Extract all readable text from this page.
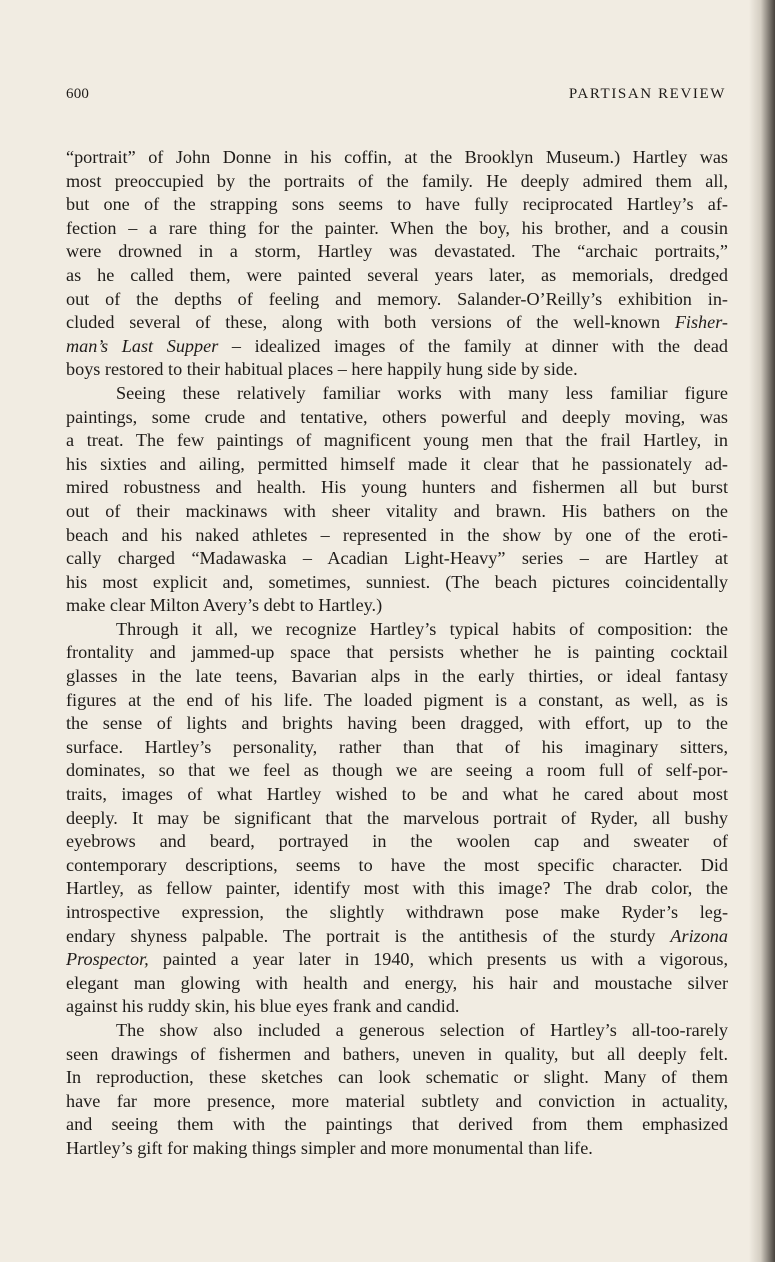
600	PARTISAN REVIEW
“portrait” of John Donne in his coffin, at the Brooklyn Museum.) Hartley was
most preoccupied by the portraits of the family. He deeply admired them all,
but one of the strapping sons seems to have fully reciprocated Hartley’s af-
fection – a rare thing for the painter. When the boy, his brother, and a cousin
were drowned in a storm, Hartley was devastated. The “archaic portraits,”
as he called them, were painted several years later, as memorials, dredged
out of the depths of feeling and memory. Salander-O’Reilly’s exhibition in-
cluded several of these, along with both versions of the well-known Fisher-
man’s Last Supper – idealized images of the family at dinner with the dead
boys restored to their habitual places – here happily hung side by side.
Seeing these relatively familiar works with many less familiar figure
paintings, some crude and tentative, others powerful and deeply moving, was
a treat. The few paintings of magnificent young men that the frail Hartley, in
his sixties and ailing, permitted himself made it clear that he passionately ad-
mired robustness and health. His young hunters and fishermen all but burst
out of their mackinaws with sheer vitality and brawn. His bathers on the
beach and his naked athletes – represented in the show by one of the eroti-
cally charged “Madawaska – Acadian Light-Heavy” series – are Hartley at
his most explicit and, sometimes, sunniest. (The beach pictures coincidentally
make clear Milton Avery’s debt to Hartley.)
Through it all, we recognize Hartley’s typical habits of composition: the
frontality and jammed-up space that persists whether he is painting cocktail
glasses in the late teens, Bavarian alps in the early thirties, or ideal fantasy
figures at the end of his life. The loaded pigment is a constant, as well, as is
the sense of lights and brights having been dragged, with effort, up to the
surface. Hartley’s personality, rather than that of his imaginary sitters,
dominates, so that we feel as though we are seeing a room full of self-por-
traits, images of what Hartley wished to be and what he cared about most
deeply. It may be significant that the marvelous portrait of Ryder, all bushy
eyebrows and beard, portrayed in the woolen cap and sweater of
contemporary descriptions, seems to have the most specific character. Did
Hartley, as fellow painter, identify most with this image? The drab color, the
introspective expression, the slightly withdrawn pose make Ryder’s leg-
endary shyness palpable. The portrait is the antithesis of the sturdy Arizona
Prospector, painted a year later in 1940, which presents us with a vigorous,
elegant man glowing with health and energy, his hair and moustache silver
against his ruddy skin, his blue eyes frank and candid.
The show also included a generous selection of Hartley’s all-too-rarely
seen drawings of fishermen and bathers, uneven in quality, but all deeply felt.
In reproduction, these sketches can look schematic or slight. Many of them
have far more presence, more material subtlety and conviction in actuality,
and seeing them with the paintings that derived from them emphasized
Hartley’s gift for making things simpler and more monumental than life.
